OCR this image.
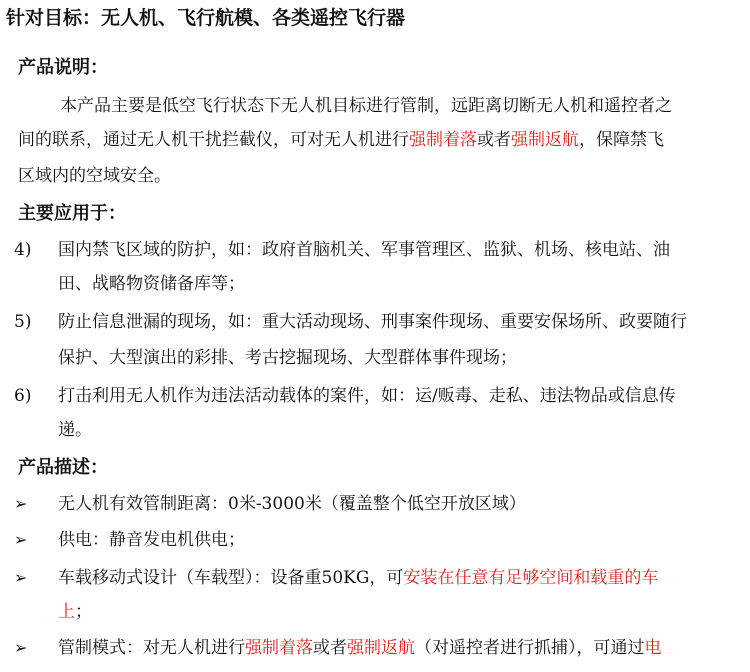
针对目标：无人机、飞行航模、各类遥控飞行器
产品说明：
本产品主要是低空飞行状态下无人机目标进行管制，远距离切断无人机和遥控者之
间的联系，通过无人机干扰拦截仪，可对无人机进行强制着落或者强制返航，保障禁飞
区域内的空域安全。
主要应用于：
4) 国内禁飞区域的防护，如：政府首脑机关、军事管理区、监狱、机场、核电站、油
田、战略物资储备库等；
5) 防止信息泄漏的现场，如：重大活动现场、刑事案件现场、重要安保场所、政要随行
保护、大型演出的彩排、考古挖掘现场、大型群体事件现场；
6) 打击利用无人机作为违法活动载体的案件，如：运/贩毒、走私、违法物品或信息传
递。
产品描述：
➢ 无人机有效管制距离：0米-3000米（覆盖整个低空开放区域）
➢ 供电：静音发电机供电；
➢ 车载移动式设计（车载型）：设备重50KG，可安装在任意有足够空间和载重的车
上；
➢ 管制模式：对无人机进行强制着落或者强制返航（对遥控者进行抓捕），可通过电
